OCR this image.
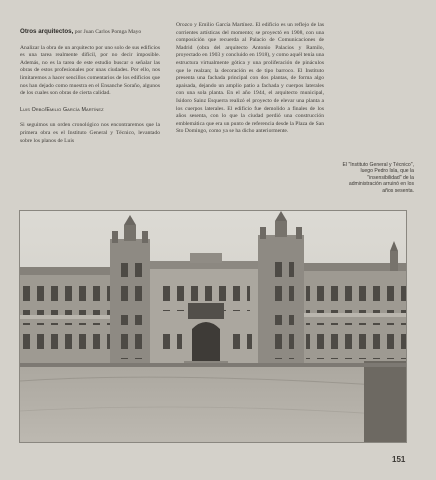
Otros arquitectos, por Juan Carlos Pomga Mayo

Analizar la obra de un arquitecto por uno solo de sus edificios es una tarea realmente difícil, por no decir imposible. Además, no es la tarea de este estudio buscar o señalar las obras de estos profesionales por unas ciudades. Por ello, nos limitaremos a hacer sencillos comentarios de los edificios que nos han dejado como muestra en el Ensanche Soraño, algunos de los cuales son obras de cierta calidad.

Luis Orbo/Emilio García Martínez

Si seguimos un orden cronológico nos encontraremos que la primera obra es el Instituto General y Técnico, levantado sobre los planos de Luis

Orozco y Emilio García Martínez. El edificio es un reflejo de las corrientes artísticas del momento; se proyectó en 1908, con una composición que recuerda al Palacio de Comunicaciones de Madrid (obra del arquitecto Antonio Palacios y Ramilo, proyectado en 1903 y concluido en 1918), y como aquél tenía una estructura virtualmente gótica y una proliferación de pináculos que le realzan; la decoración es de tipo barroco. El Instituto presenta una fachada principal con dos plantas, de forma algo apaisada, dejando un amplio patio a fachada y cuerpos laterales con una sola planta. En el año 1944, el arquitecto municipal, Isidoro Sainz Esquerra realizó el proyecto de elevar una planta a los cuerpos laterales. El edificio fue demolido a finales de los años sesenta, con lo que la ciudad perdió una construcción emblemática que era un punto de referencia desde la Plaza de San Sto Domingo, como ya se ha dicho anteriormente.

El "Instituto General y Técnico", luego Pedro Isla, que la "insensibilidad" de la administración arruinó en los años sesenta.
151
